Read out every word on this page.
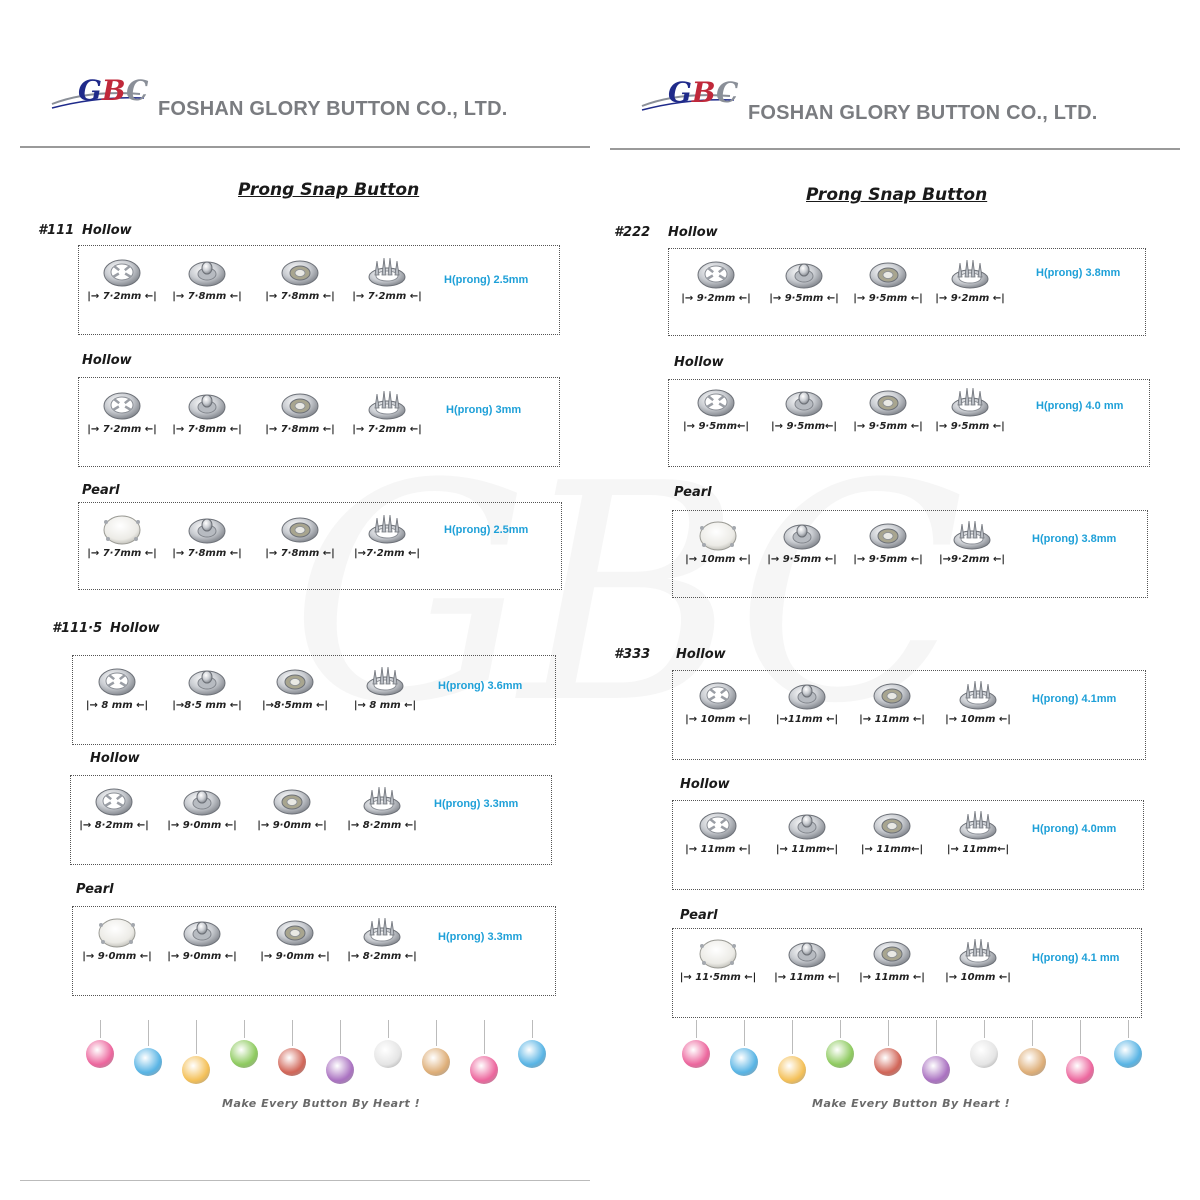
GBC
FOSHAN GLORY BUTTON CO., LTD.
Prong Snap Button
#111 Hollow
H(prong) 2.5mm
Hollow
H(prong) 3mm
Pearl
H(prong) 2.5mm
#111·5 Hollow
H(prong) 3.6mm
Hollow
H(prong) 3.3mm
Pearl
H(prong) 3.3mm
Make Every Button By Heart !
|→ 7·2mm ←|	|→ 7·8mm ←|	|→ 7·8mm ←|	|→ 7·2mm ←|
|→ 7·2mm ←|	|→ 7·8mm ←|	|→ 7·8mm ←|	|→ 7·2mm ←|
|→ 7·7mm ←|	|→ 7·8mm ←|	|→ 7·8mm ←|	|→7·2mm ←|
|→ 8 mm ←|	|→8·5 mm ←|	|→8·5mm ←|	|→ 8 mm ←|
|→ 8·2mm ←|	|→ 9·0mm ←|	|→ 9·0mm ←|	|→ 8·2mm ←|
|→ 9·0mm ←|	|→ 9·0mm ←|	|→ 9·0mm ←|	|→ 8·2mm ←|
GBC
FOSHAN GLORY BUTTON CO., LTD.
Prong Snap Button
#222 Hollow
H(prong) 3.8mm
Hollow
H(prong) 4.0 mm
Pearl
H(prong) 3.8mm
#333 Hollow
H(prong) 4.1mm
Hollow
H(prong) 4.0mm
Pearl
H(prong) 4.1 mm
Make Every Button By Heart !
|→ 9·2mm ←|	|→ 9·5mm ←|	|→ 9·5mm ←|	|→ 9·2mm ←|
|→ 9·5mm←|	|→ 9·5mm←|	|→ 9·5mm ←|	|→ 9·5mm ←|
|→ 10mm ←|	|→ 9·5mm ←|	|→ 9·5mm ←|	|→9·2mm ←|
|→ 10mm ←|	|→11mm ←|	|→ 11mm ←|	|→ 10mm ←|
|→ 11mm ←|	|→ 11mm←|	|→ 11mm←|	|→ 11mm←|
|→ 11·5mm ←|	|→ 11mm ←|	|→ 11mm ←|	|→ 10mm ←|
